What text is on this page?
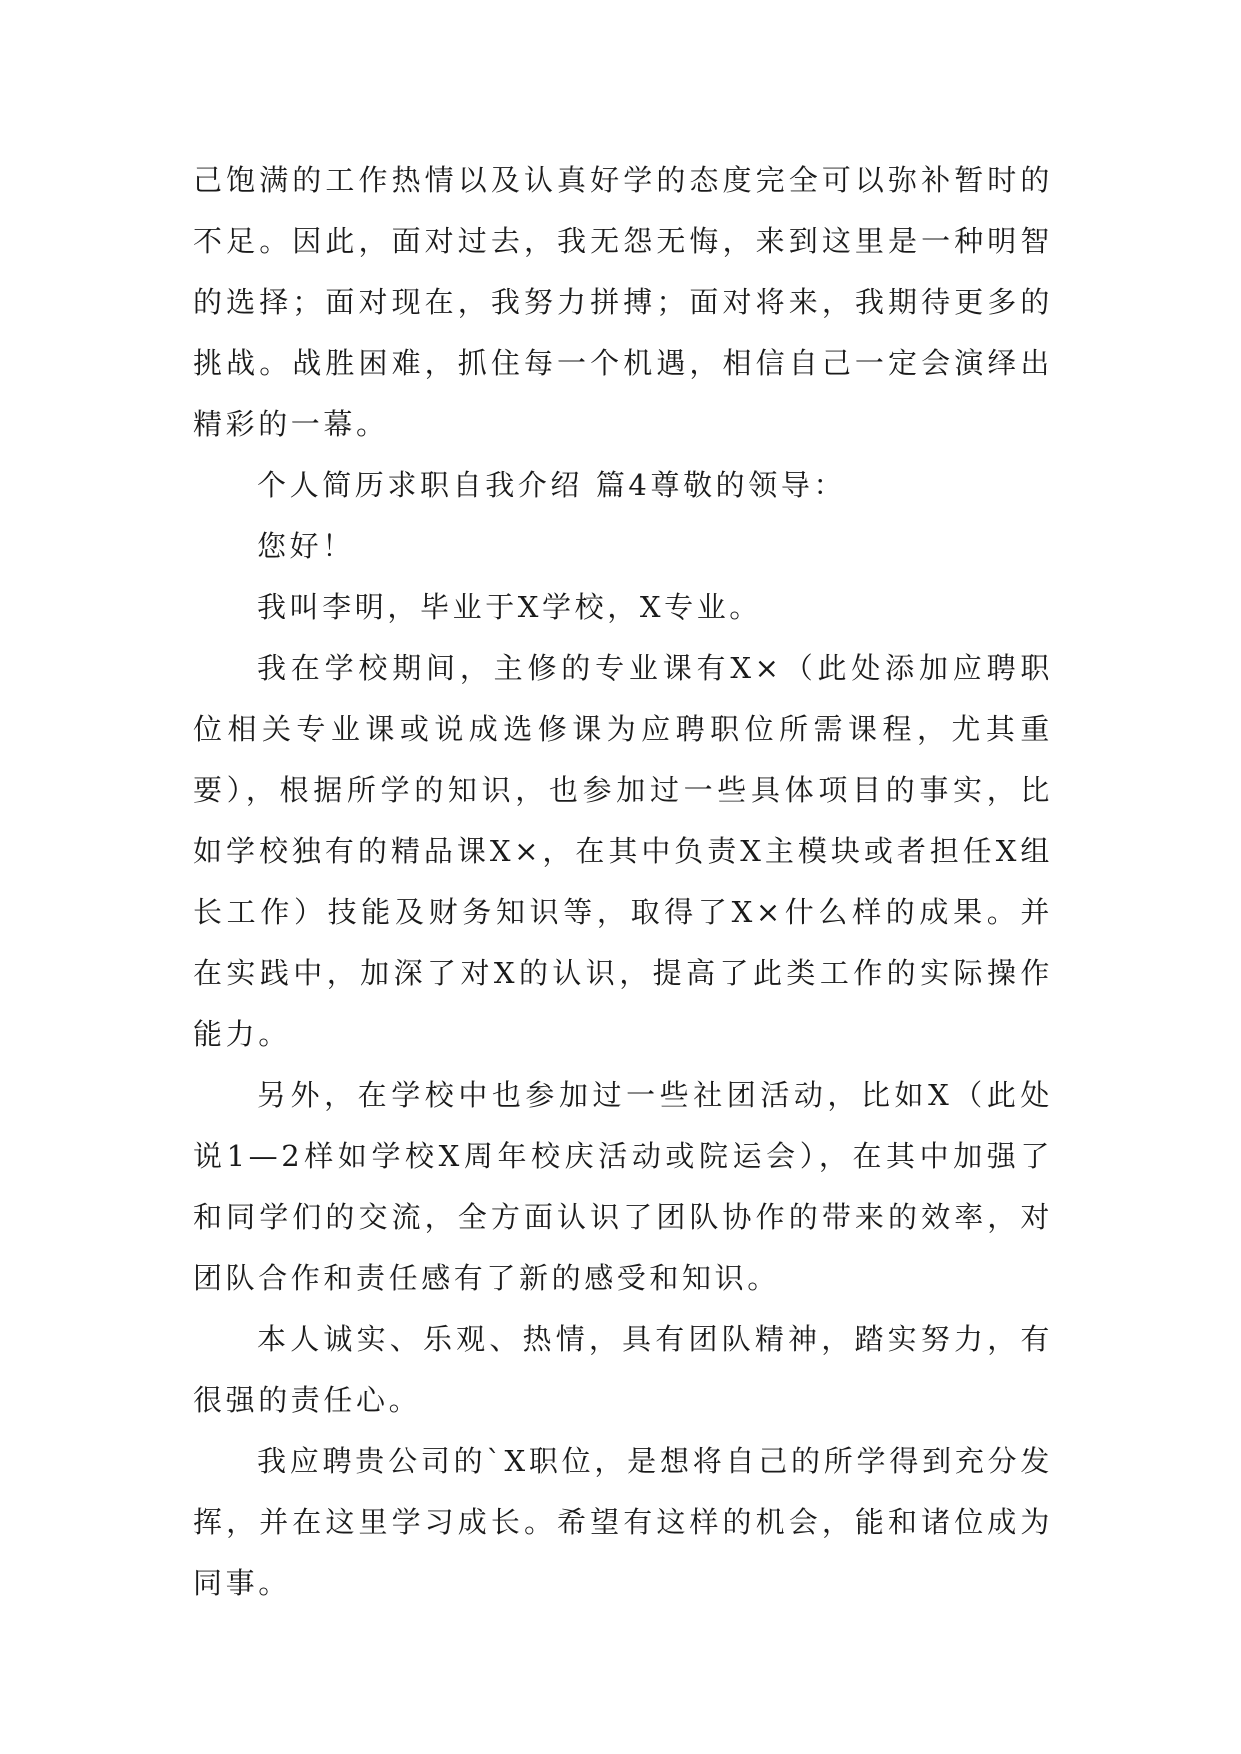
己饱满的工作热情以及认真好学的态度完全可以弥补暂时的不足。因此，面对过去，我无怨无悔，来到这里是一种明智的选择；面对现在，我努力拼搏；面对将来，我期待更多的挑战。战胜困难，抓住每一个机遇，相信自己一定会演绎出精彩的一幕。

个人简历求职自我介绍 篇4尊敬的领导：

您好！

我叫李明，毕业于X学校，X专业。

我在学校期间，主修的专业课有X×（此处添加应聘职位相关专业课或说成选修课为应聘职位所需课程，尤其重要），根据所学的知识，也参加过一些具体项目的事实，比如学校独有的精品课X×，在其中负责X主模块或者担任X组长工作）技能及财务知识等，取得了X×什么样的成果。并在实践中，加深了对X的认识，提高了此类工作的实际操作能力。

另外，在学校中也参加过一些社团活动，比如X（此处说1—2样如学校X周年校庆活动或院运会），在其中加强了和同学们的交流，全方面认识了团队协作的带来的效率，对团队合作和责任感有了新的感受和知识。

本人诚实、乐观、热情，具有团队精神，踏实努力，有很强的责任心。

我应聘贵公司的`X职位，是想将自己的所学得到充分发挥，并在这里学习成长。希望有这样的机会，能和诸位成为同事。
